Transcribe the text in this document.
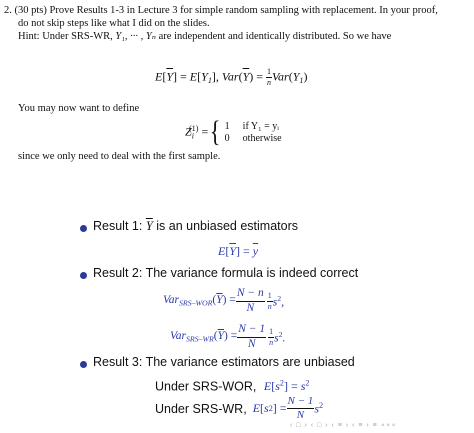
2. (30 pts) Prove Results 1-3 in Lecture 3 for simple random sampling with replacement. In your proof,
do not skip steps like what I did on the slides.
Hint: Under SRS-WR, Y₁, ··· , Yₙ are independent and identically distributed. So we have
$E[\overline{Y}] = E[Y_1]$, $Var(\overline{Y}) = \frac{1}{n} Var(Y_1)$
You may now want to define
$Z_i^{(1)}$ = { 1	if Y₁ = yᵢ
0	otherwise
since we only need to deal with the first sample.
Result 1: $\overline{Y}$ is an unbiased estimators
$E[\overline{Y}] = \overline{y}$
Result 2: The variance formula is indeed correct
$Var_{SRS-WOR}(\overline{Y}) = \frac{N - n}{N} \frac{1}{n} s^2$,
$Var_{SRS-WR}(\overline{Y}) = \frac{N - 1}{N} \frac{1}{n} s^2$.
Result 3: The variance estimators are unbiased
Under SRS-WOR, $E[s^2] = s^2$
Under SRS-WR, E [ s 2 ] = $\frac{N - 1}{N} s^2$
‹ □ › ‹ □ › ‹ ≡ › ‹ ≡ › ≡ ∘∘∘
